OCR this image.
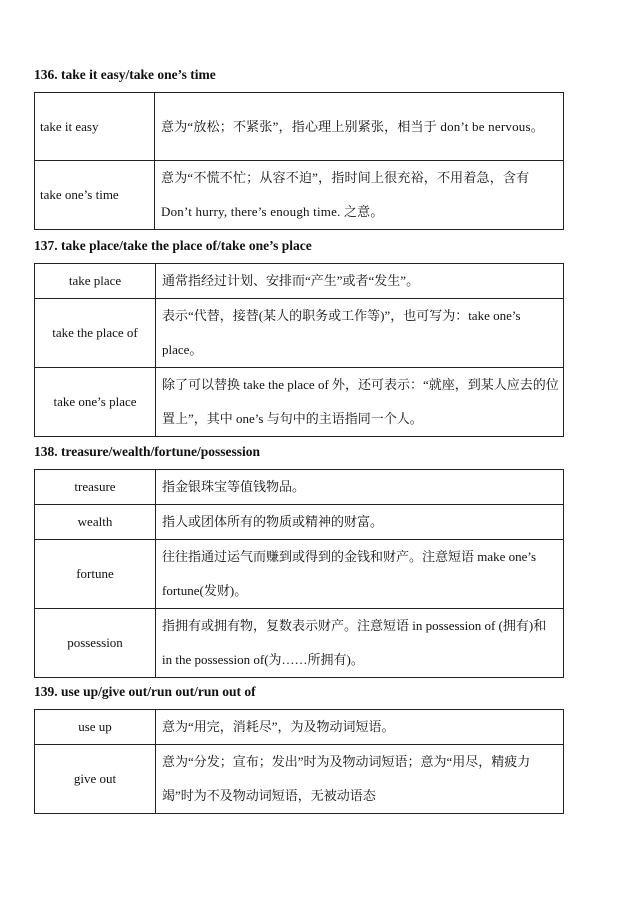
136. take it easy/take one’s time
take it easy	意为“放松；不紧张”，指心理上别紧张，相当于 don’t be nervous。
take one’s time	意为“不慌不忙；从容不迫”，指时间上很充裕，不用着急，含有 Don’t hurry, there’s enough time. 之意。
137. take place/take the place of/take one’s place
take place	通常指经过计划、安排而“产生”或者“发生”。
take the place of	表示“代替，接替(某人的职务或工作等)”，也可写为：take one’s place。
take one’s place	除了可以替换 take the place of 外，还可表示：“就座，到某人应去的位置上”，其中 one’s 与句中的主语指同一个人。
138. treasure/wealth/fortune/possession
treasure	指金银珠宝等值钱物品。
wealth	指人或团体所有的物质或精神的财富。
fortune	往往指通过运气而赚到或得到的金钱和财产。注意短语 make one’s fortune(发财)。
possession	指拥有或拥有物，复数表示财产。注意短语 in possession of (拥有)和 in the possession of(为……所拥有)。
139. use up/give out/run out/run out of
use up	意为“用完，消耗尽”，为及物动词短语。
give out	意为“分发；宣布；发出”时为及物动词短语；意为“用尽，精疲力竭”时为不及物动词短语，无被动语态
